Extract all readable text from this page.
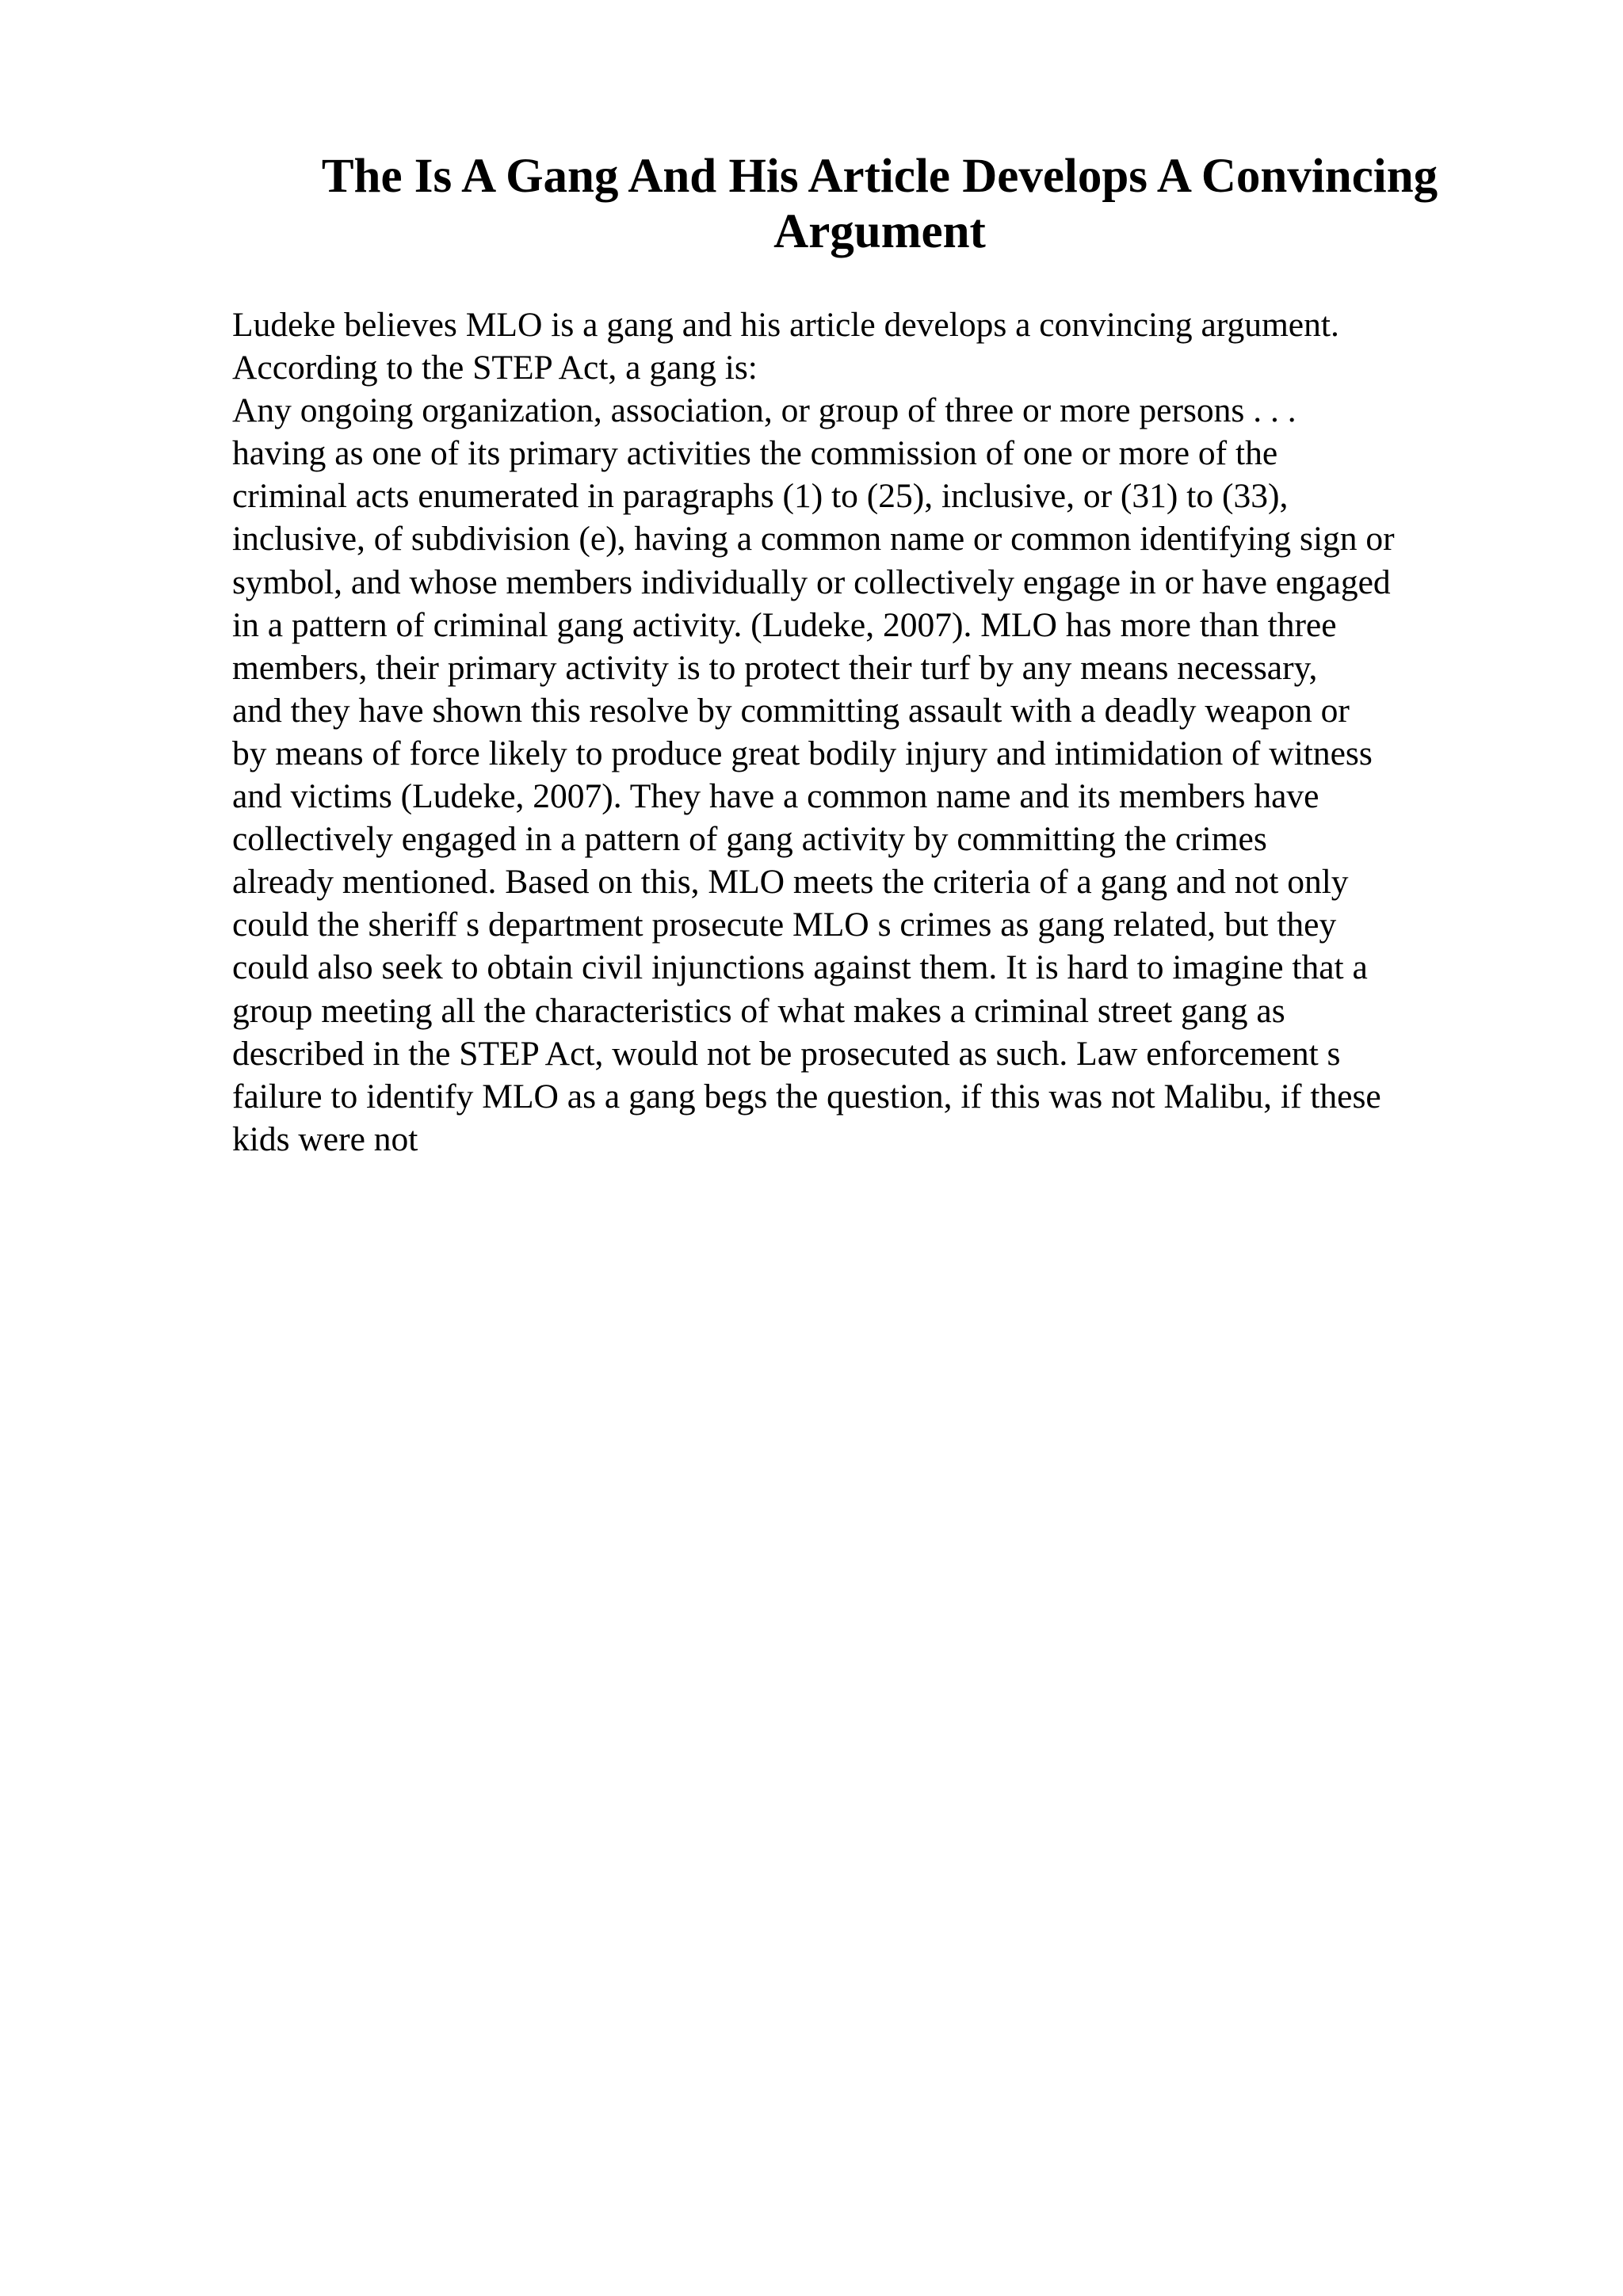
The Is A Gang And His Article Develops A Convincing
Argument
Ludeke believes MLO is a gang and his article develops a convincing argument.
According to the STEP Act, a gang is:
Any ongoing organization, association, or group of three or more persons . . .
having as one of its primary activities the commission of one or more of the
criminal acts enumerated in paragraphs (1) to (25), inclusive, or (31) to (33),
inclusive, of subdivision (e), having a common name or common identifying sign or
symbol, and whose members individually or collectively engage in or have engaged
in a pattern of criminal gang activity. (Ludeke, 2007). MLO has more than three
members, their primary activity is to protect their turf by any means necessary,
and they have shown this resolve by committing assault with a deadly weapon or
by means of force likely to produce great bodily injury and intimidation of witness
and victims (Ludeke, 2007). They have a common name and its members have
collectively engaged in a pattern of gang activity by committing the crimes
already mentioned. Based on this, MLO meets the criteria of a gang and not only
could the sheriff s department prosecute MLO s crimes as gang related, but they
could also seek to obtain civil injunctions against them. It is hard to imagine that a
group meeting all the characteristics of what makes a criminal street gang as
described in the STEP Act, would not be prosecuted as such. Law enforcement s
failure to identify MLO as a gang begs the question, if this was not Malibu, if these
kids were not
